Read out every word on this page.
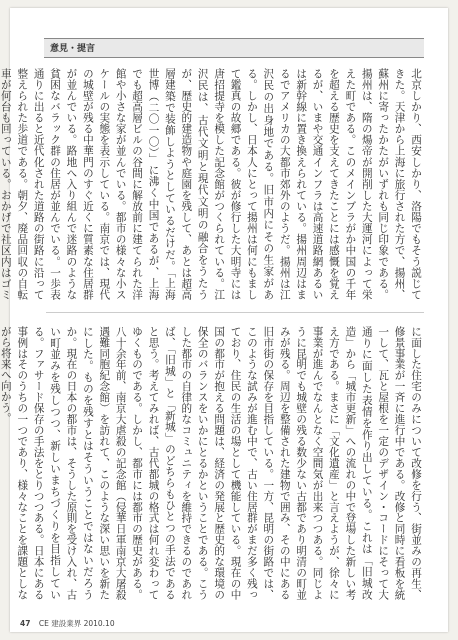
意見・提言
北京しかり、西安しかり、洛陽でもそう説じてきた。天津から上海に旅行された方で、揚州、蘇州に寄ったかたがいずれも同じ印象である。揚州は、隋の煬帝が開削した大運河によって栄えた町である。このメインブラがか中国の千年を超える歴史を支えてきたことには感慨を覚えるが、いまや交通インフラは高速道路網あるいは新幹線に置き換えられている。揚州周辺はまるでアメリカの大都市郊外のようだ。揚州は江沢民の出身地である。旧市内にその生家がある。しかし、日本人にとって揚州は何にもまして鑑真の故郷である。彼が修行した大明寺には唐招提寺を模した記念館がつくられている。江沢民は、古代文明と現代文明の融合をうたうが、歴史的建造物や庭園を残して、あとは超高層建築で装飾しようとしているだけだ。「上海世博（二〇一〇）」に沸く中国であるが、上海でも超高層ビルの谷間に解放前に建てられた洋館や小さな家が並んでいる。都市の様々な小スケールの実態を表示している。南京では、現代の城壁が残る中華門のすぐ近くに質素な住居群が並んでいる。路地へ入り組んで迷路のような貧困なバラック群の住居が並んでいる。一歩表通りに出ると近代化された道路の街路に沿って整えられた歩道である。朝夕、廃品回収の自転車が何台も回っている。おかげで社区内はゴミ
に面した住宅のみについて改修を行う、街並みの再生、修景事業が一斉に進行中である。改修と同時に看板を統一して、瓦と屋根を一定のデザイン・コードにそって大通りに面した表情を作り出している。これは「旧城改造」から「城市更新」への流れの中で登場した新しい考え方である。まさに「文化遺産」と言えようが、徐々に事業が進んでなんとなく空間気が出来つつある。同じように昆明でも城壁の残る数少ない古都であり明清の町並みが残る。周辺を整備された建物で囲み、その中にある旧市街の保存を目指している。一方、昆明の街路では、このような試みが進む中で、古い住居群がまだ多く残っており、住民の生活の場として機能している。現在の中国の都市が抱える問題は、経済の発展と歴史的な環境の保全のバランスをいかにとるかということである。こうした都市の自律的なコミュニティを維持できるのであれば、「旧城」と「新城」のどちらもひとつの手法であると思う。考えてみれば、古代都城の格式は何れ変わってゆくものである。しかし、都市には都市の歴史がある。八十余年前、南京大虐殺の記念館（侵華日軍南京大屠殺遇難同胞紀念館）を訪れて、このような深い思いを新たにした。ものを残すとはそういうことではないだろうか。現在の日本の都市は、そうした原則を受け入れ、古い町並みを残しつつ、新しいまちづくりを目指している。ファサード保存の手法をとりつつある。日本にある事例はそのうちの一つであり、様々なことを課題としながら将来へ向かう。
47 CE 建設業界 2010.10
